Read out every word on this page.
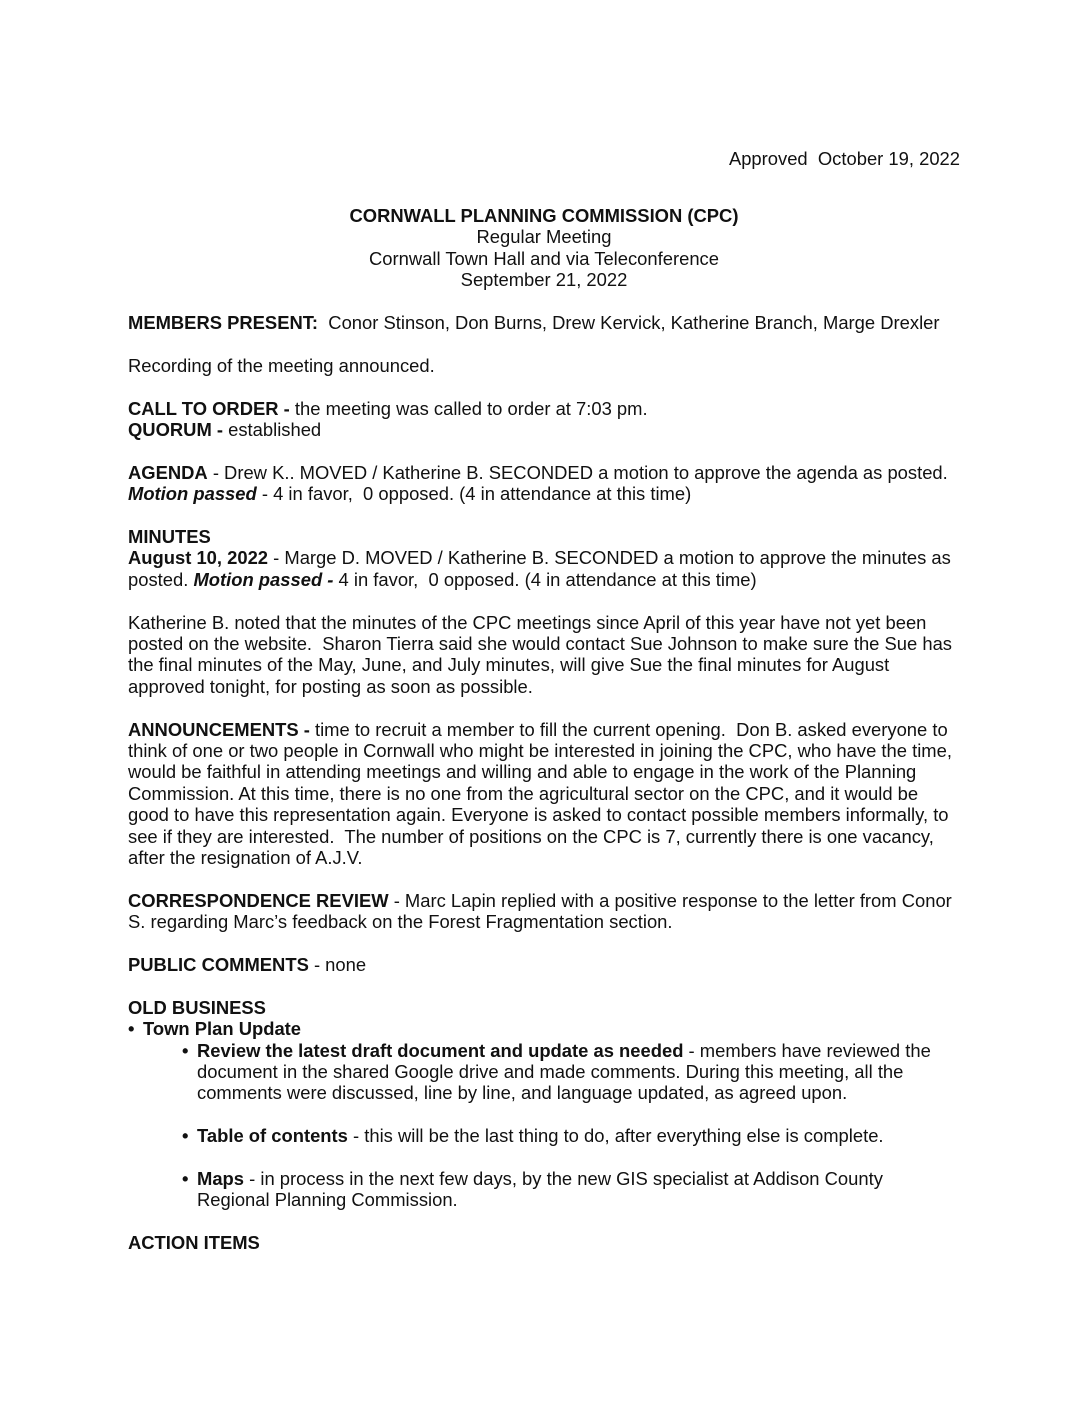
Approved  October 19, 2022
CORNWALL PLANNING COMMISSION (CPC)
Regular Meeting
Cornwall Town Hall and via Teleconference
September 21, 2022

MEMBERS PRESENT:  Conor Stinson, Don Burns, Drew Kervick, Katherine Branch, Marge Drexler

Recording of the meeting announced.

CALL TO ORDER - the meeting was called to order at 7:03 pm.
QUORUM - established

AGENDA - Drew K.. MOVED / Katherine B. SECONDED a motion to approve the agenda as posted. Motion passed - 4 in favor,  0 opposed. (4 in attendance at this time)

MINUTES
August 10, 2022 - Marge D. MOVED / Katherine B. SECONDED a motion to approve the minutes as posted. Motion passed - 4 in favor,  0 opposed. (4 in attendance at this time)

Katherine B. noted that the minutes of the CPC meetings since April of this year have not yet been posted on the website.  Sharon Tierra said she would contact Sue Johnson to make sure the Sue has the final minutes of the May, June, and July minutes, will give Sue the final minutes for August approved tonight, for posting as soon as possible.

ANNOUNCEMENTS - time to recruit a member to fill the current opening.  Don B. asked everyone to think of one or two people in Cornwall who might be interested in joining the CPC, who have the time, would be faithful in attending meetings and willing and able to engage in the work of the Planning Commission. At this time, there is no one from the agricultural sector on the CPC, and it would be good to have this representation again. Everyone is asked to contact possible members informally, to see if they are interested.  The number of positions on the CPC is 7, currently there is one vacancy, after the resignation of A.J.V.

CORRESPONDENCE REVIEW - Marc Lapin replied with a positive response to the letter from Conor S. regarding Marc’s feedback on the Forest Fragmentation section.

PUBLIC COMMENTS - none

OLD BUSINESS
• Town Plan Update
• Review the latest draft document and update as needed - members have reviewed the document in the shared Google drive and made comments. During this meeting, all the comments were discussed, line by line, and language updated, as agreed upon.
• Table of contents - this will be the last thing to do, after everything else is complete.
• Maps - in process in the next few days, by the new GIS specialist at Addison County Regional Planning Commission.
ACTION ITEMS
